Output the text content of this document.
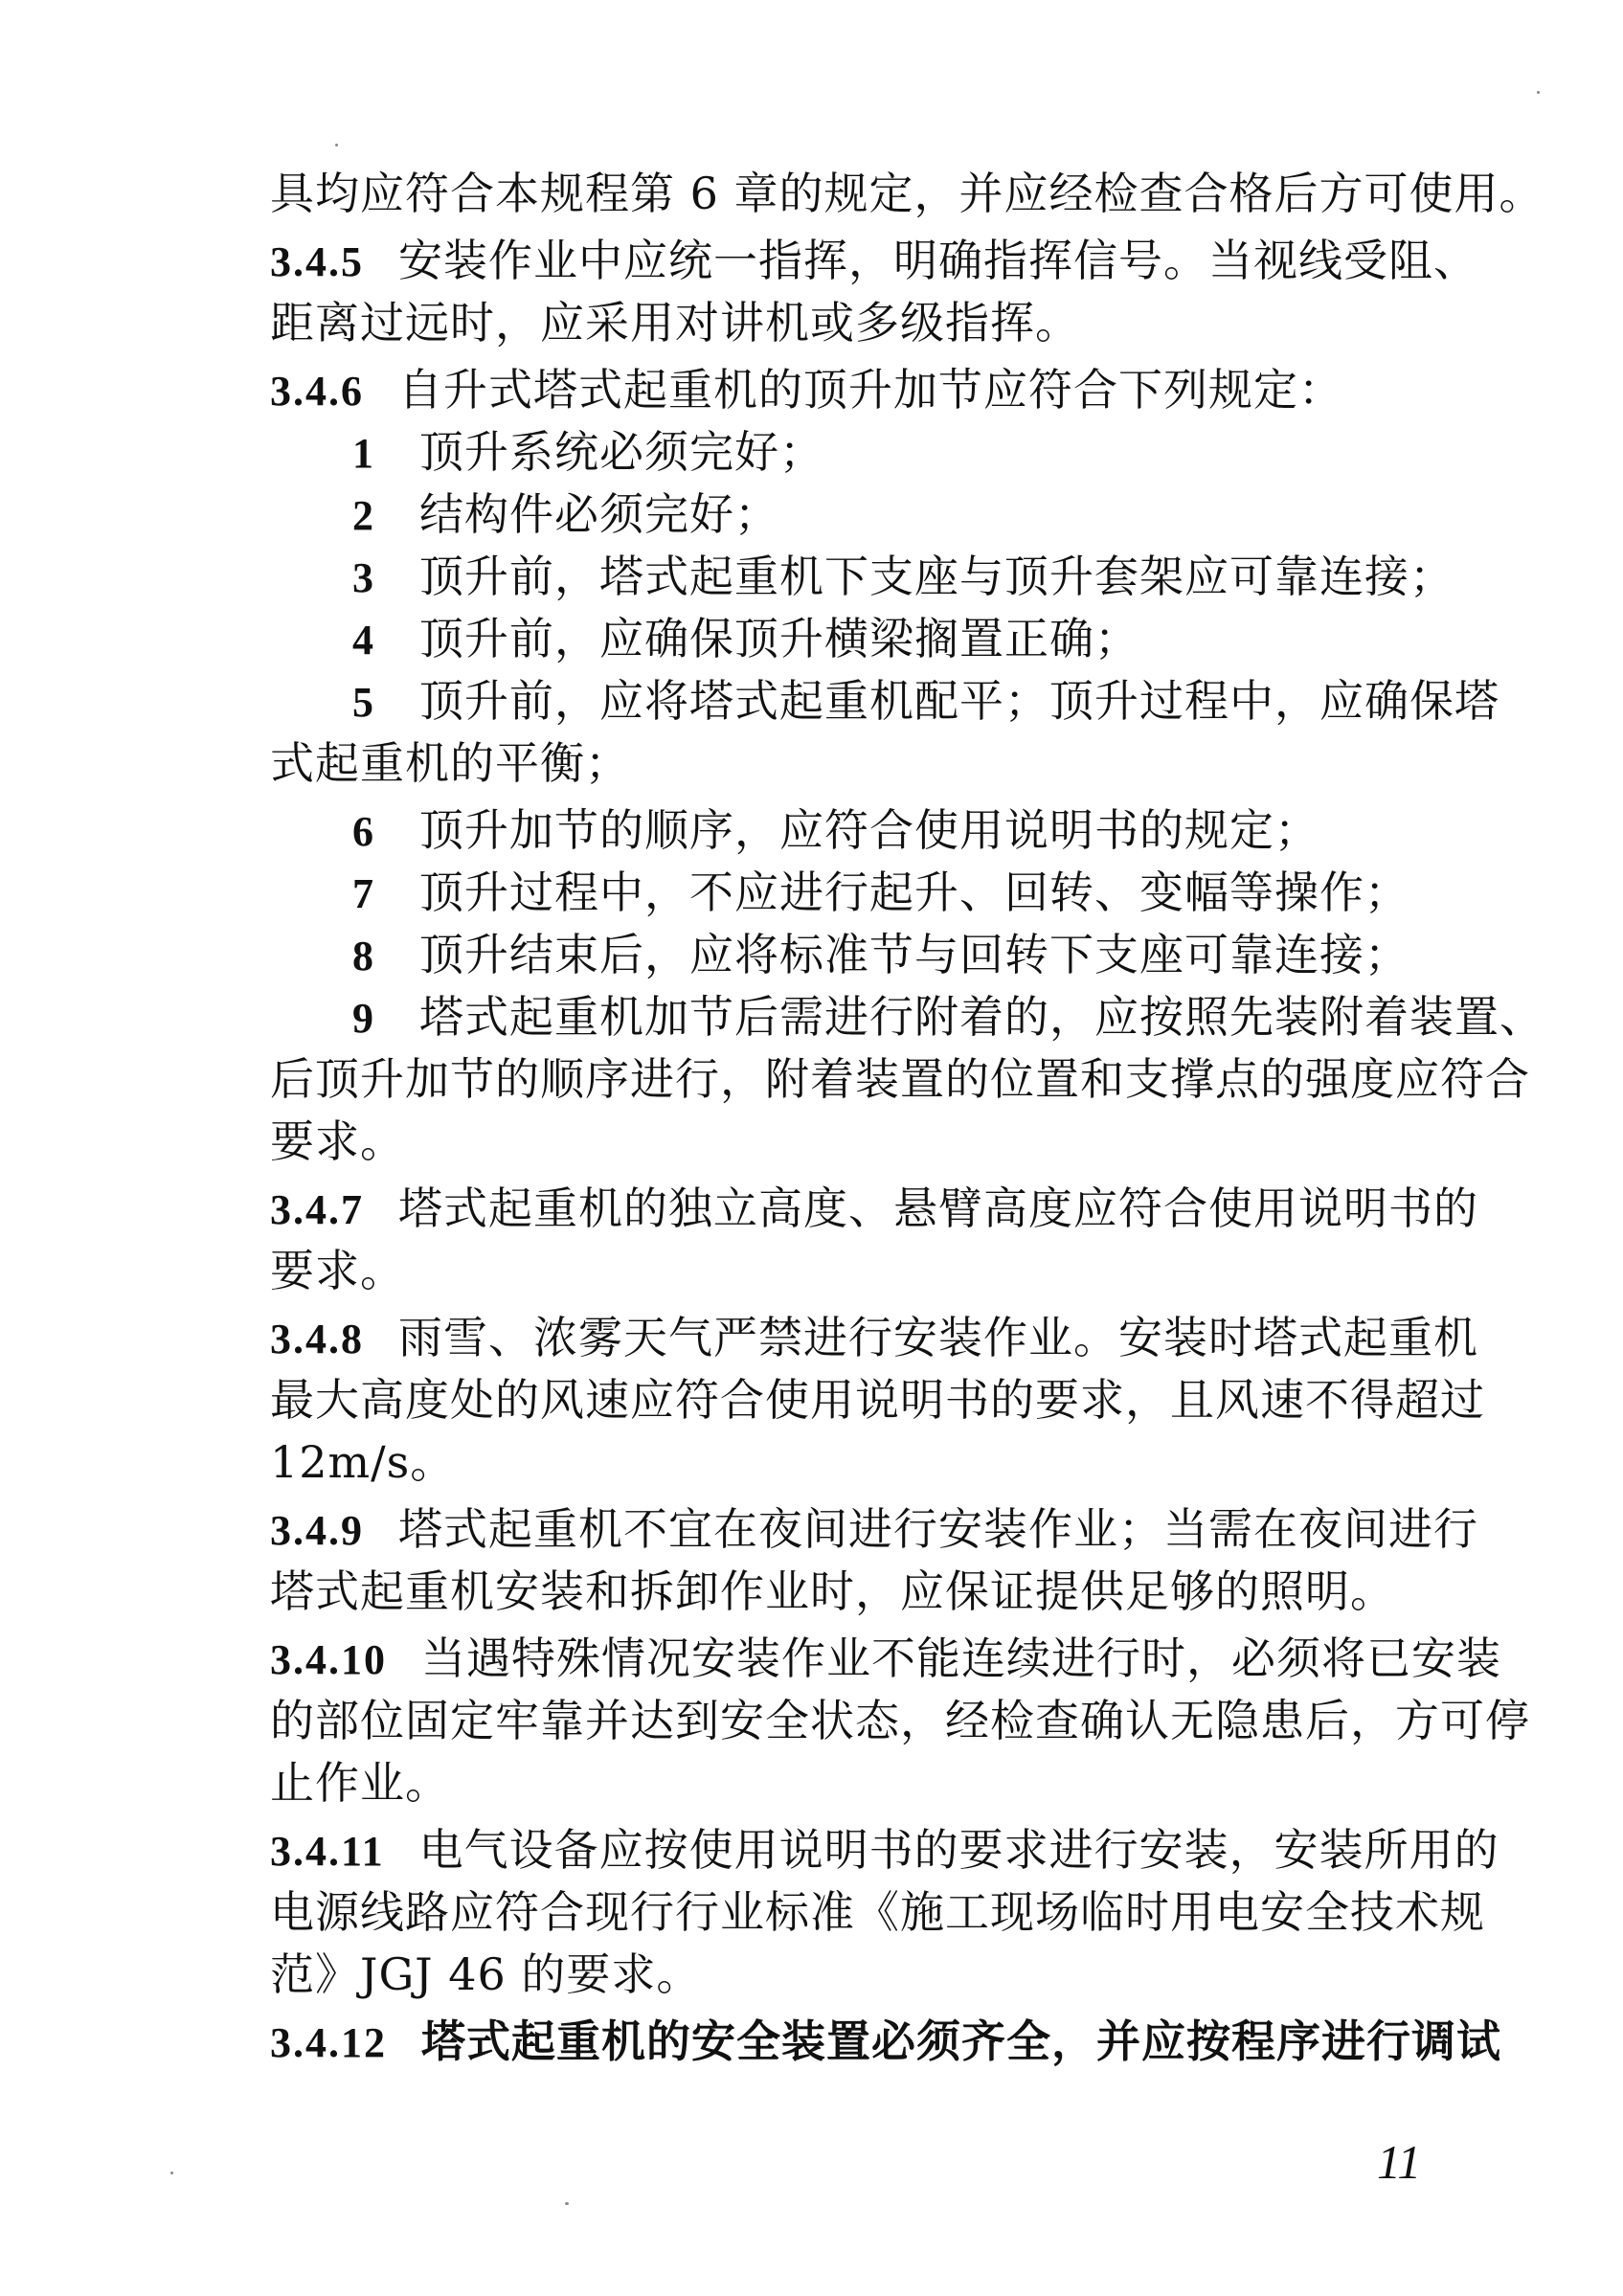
具均应符合本规程第 6 章的规定，并应经检查合格后方可使用。
3.4.5 安装作业中应统一指挥，明确指挥信号。当视线受阻、
距离过远时，应采用对讲机或多级指挥。
3.4.6 自升式塔式起重机的顶升加节应符合下列规定：
1 顶升系统必须完好；
2 结构件必须完好；
3 顶升前，塔式起重机下支座与顶升套架应可靠连接；
4 顶升前，应确保顶升横梁搁置正确；
5 顶升前，应将塔式起重机配平；顶升过程中，应确保塔
式起重机的平衡；
6 顶升加节的顺序，应符合使用说明书的规定；
7 顶升过程中，不应进行起升、回转、变幅等操作；
8 顶升结束后，应将标准节与回转下支座可靠连接；
9 塔式起重机加节后需进行附着的，应按照先装附着装置、
后顶升加节的顺序进行，附着装置的位置和支撑点的强度应符合
要求。
3.4.7 塔式起重机的独立高度、悬臂高度应符合使用说明书的
要求。
3.4.8 雨雪、浓雾天气严禁进行安装作业。安装时塔式起重机
最大高度处的风速应符合使用说明书的要求，且风速不得超过
12m/s。
3.4.9 塔式起重机不宜在夜间进行安装作业；当需在夜间进行
塔式起重机安装和拆卸作业时，应保证提供足够的照明。
3.4.10 当遇特殊情况安装作业不能连续进行时，必须将已安装
的部位固定牢靠并达到安全状态，经检查确认无隐患后，方可停
止作业。
3.4.11 电气设备应按使用说明书的要求进行安装，安装所用的
电源线路应符合现行行业标准《施工现场临时用电安全技术规
范》JGJ 46 的要求。
3.4.12 塔式起重机的安全装置必须齐全，并应按程序进行调试
11
